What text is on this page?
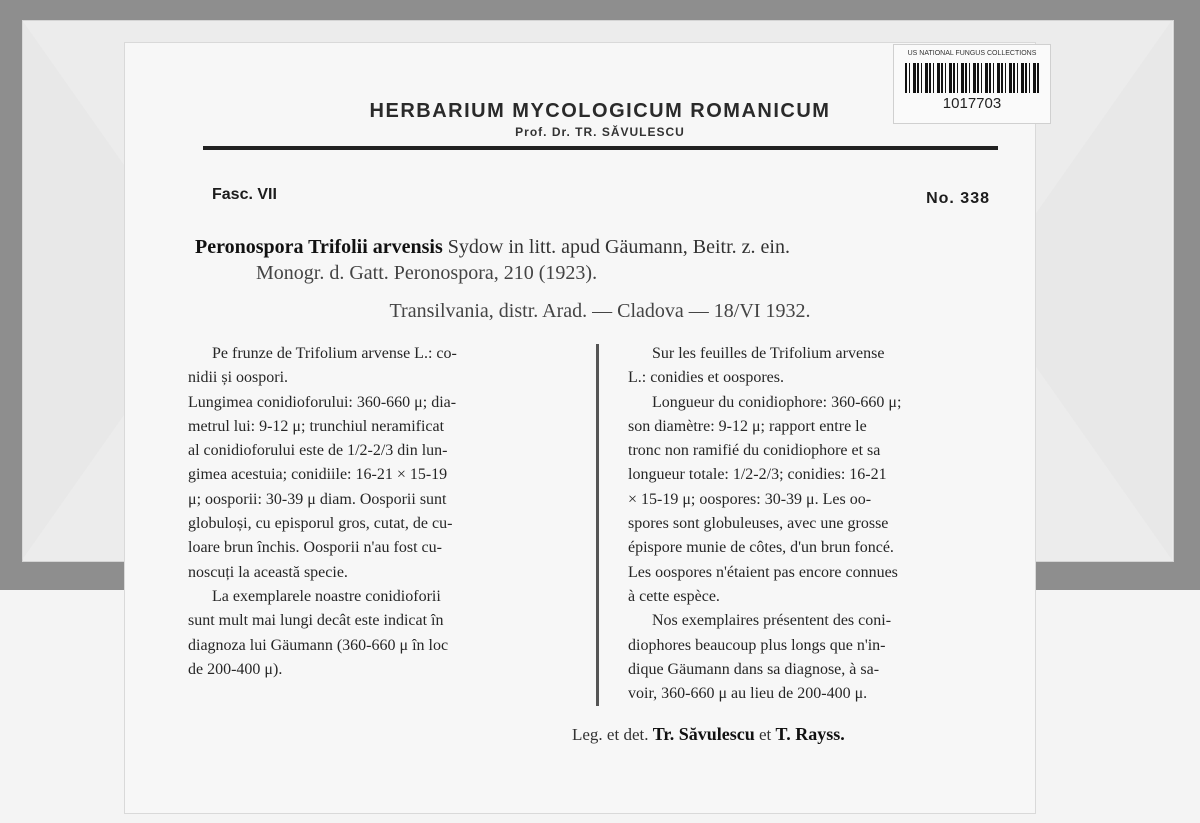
US NATIONAL FUNGUS COLLECTIONS
1017703
HERBARIUM MYCOLOGICUM ROMANICUM
Prof. Dr. TR. SĂVULESCU
Fasc. VII	No. 338
Peronospora Trifolii arvensis Sydow in litt. apud Gäumann, Beitr. z. ein.
Monogr. d. Gatt. Peronospora, 210 (1923).
Transilvania, distr. Arad. — Cladova — 18/VI 1932.

Pe frunze de Trifolium arvense L.: co-

nidii și oospori.

Lungimea conidioforului: 360-660 μ; dia-

metrul lui: 9-12 μ; trunchiul neramificat

al conidioforului este de 1/2-2/3 din lun-

gimea acestuia; conidiile: 16-21 × 15-19

μ; oosporii: 30-39 μ diam. Oosporii sunt

globuloși, cu episporul gros, cutat, de cu-

loare brun închis. Oosporii n'au fost cu-

noscuți la această specie.

La exemplarele noastre conidioforii

sunt mult mai lungi decât este indicat în

diagnoza lui Gäumann (360-660 μ în loc

de 200-400 μ).

Sur les feuilles de Trifolium arvense

L.: conidies et oospores.

Longueur du conidiophore: 360-660 μ;

son diamètre: 9-12 μ; rapport entre le

tronc non ramifié du conidiophore et sa

longueur totale: 1/2-2/3; conidies: 16-21

× 15-19 μ; oospores: 30-39 μ. Les oo-

spores sont globuleuses, avec une grosse

épispore munie de côtes, d'un brun foncé.

Les oospores n'étaient pas encore connues

à cette espèce.

Nos exemplaires présentent des coni-

diophores beaucoup plus longs que n'in-

dique Gäumann dans sa diagnose, à sa-

voir, 360-660 μ au lieu de 200-400 μ.

Leg. et det. Tr. Săvulescu et T. Rayss.
